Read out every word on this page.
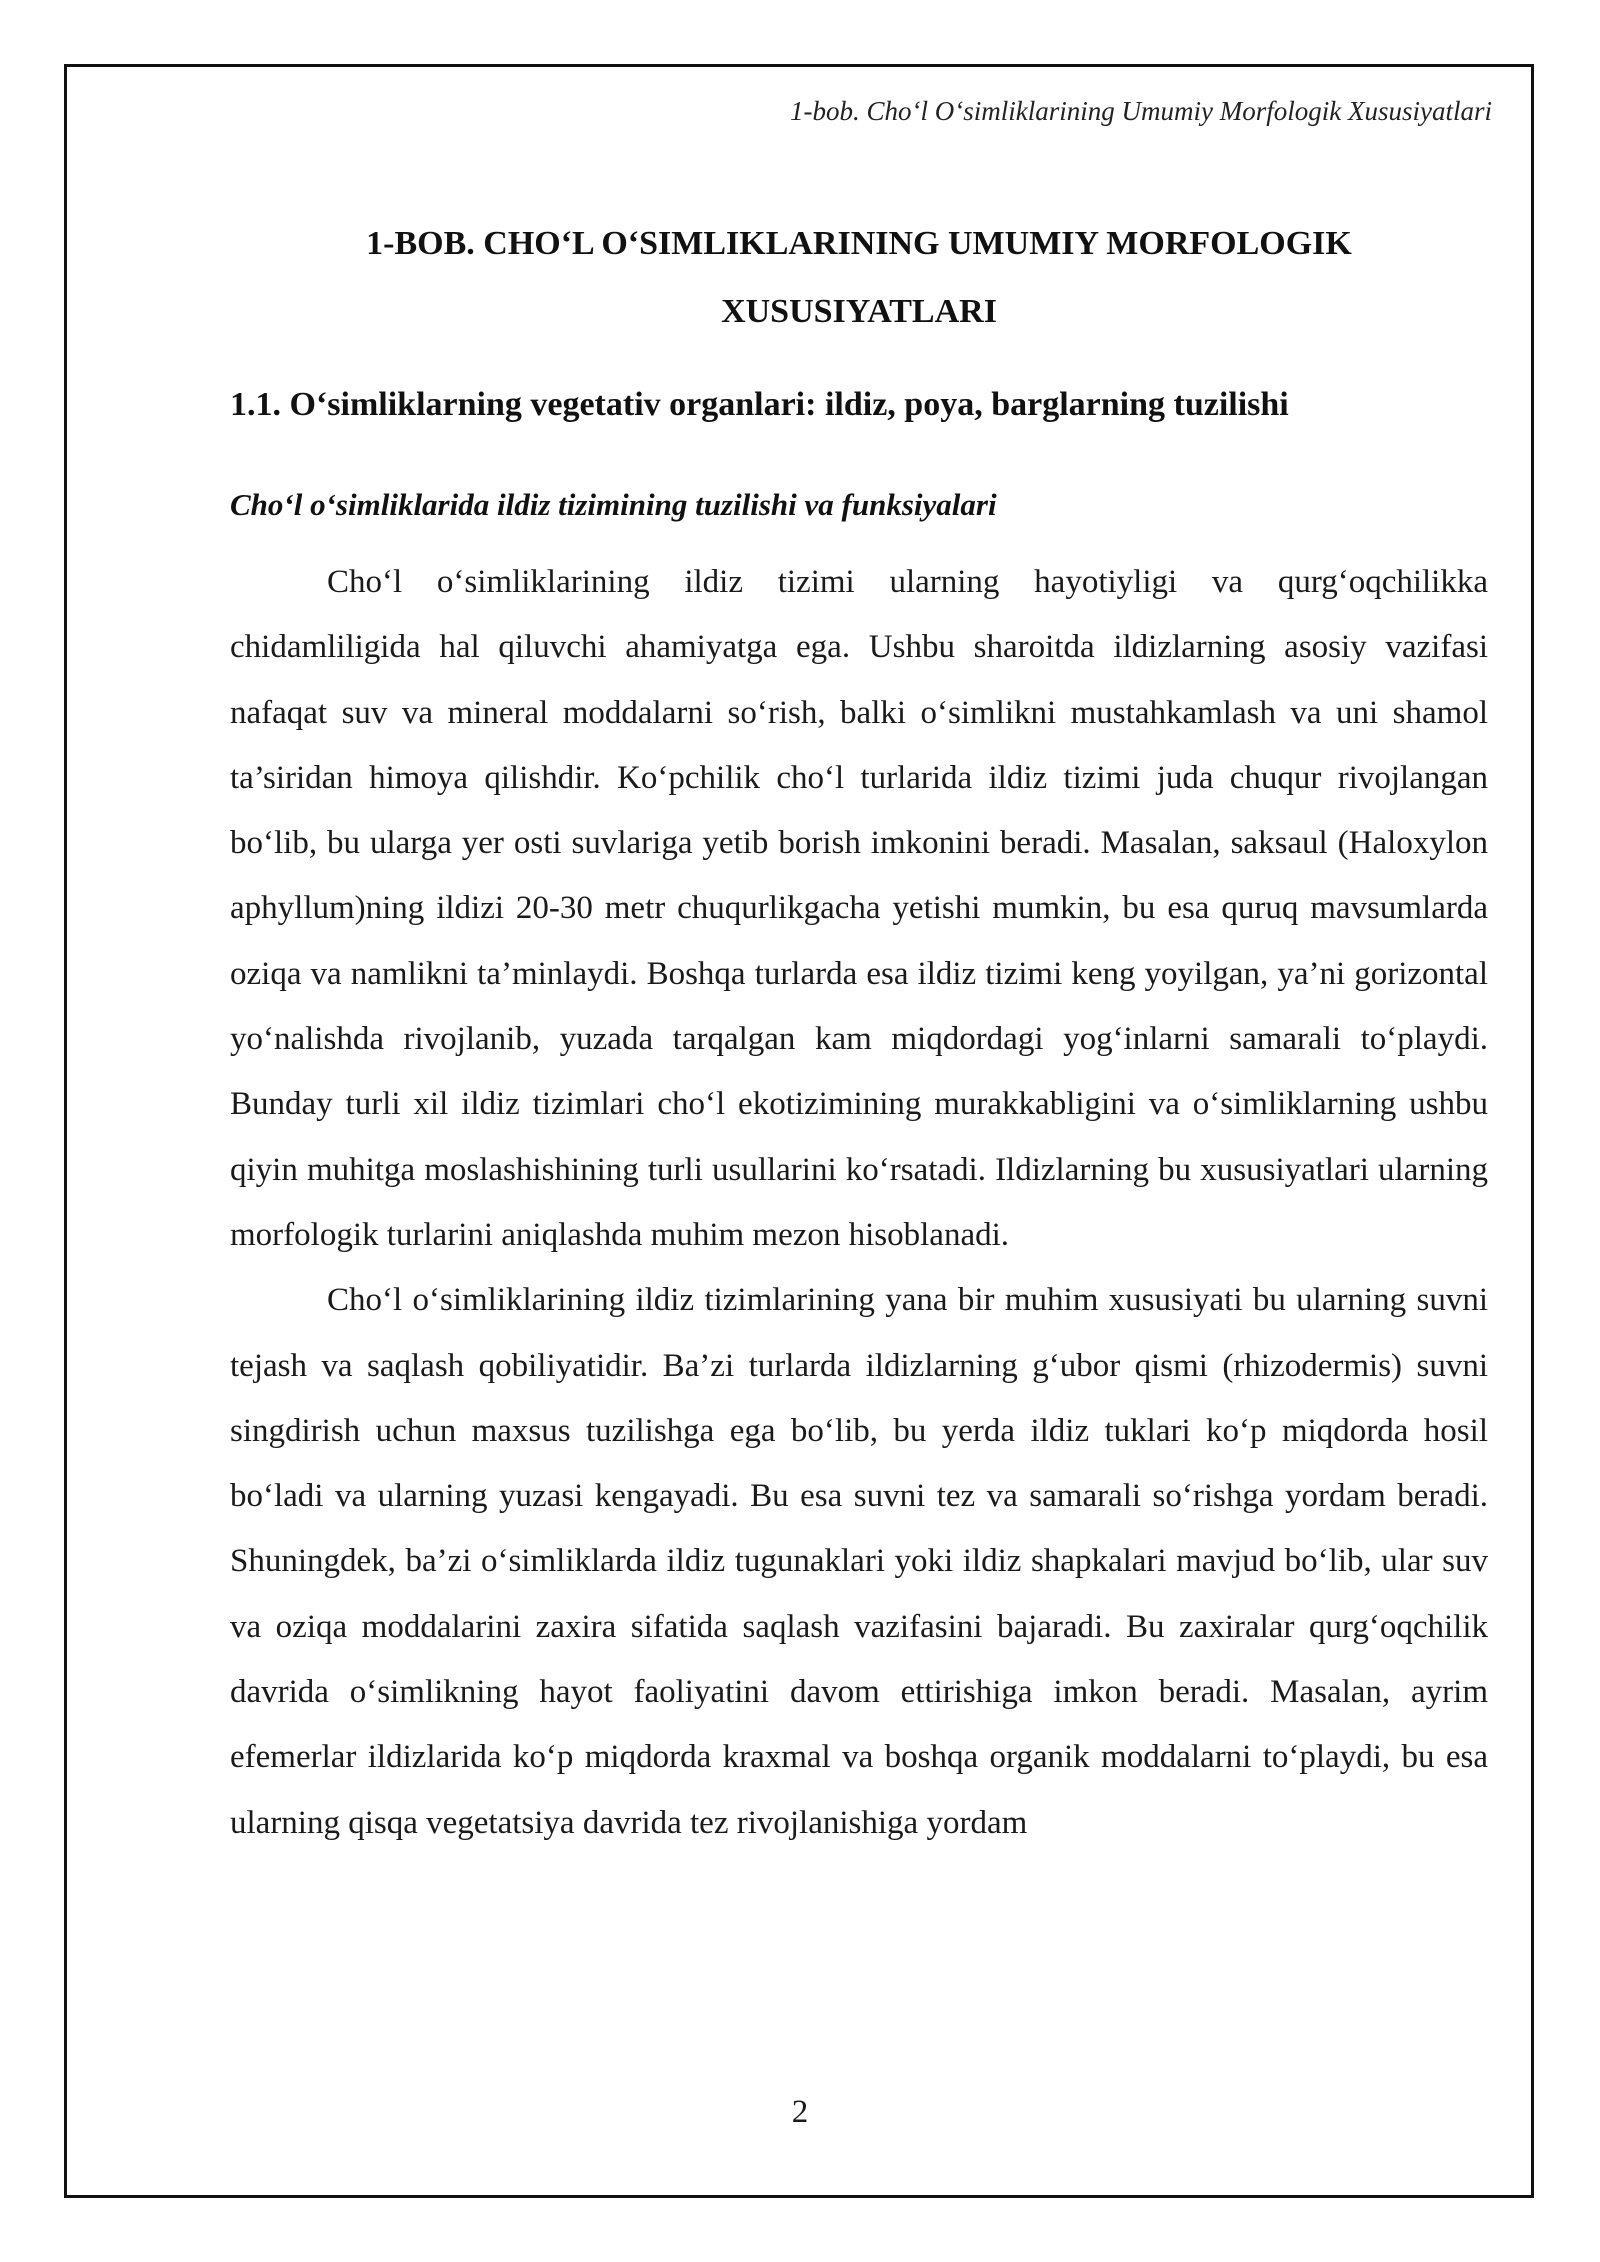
1-bob. Cho‘l O‘simliklarining Umumiy Morfologik Xususiyatlari
1-BOB. CHO‘L O‘SIMLIKLARINING UMUMIY MORFOLOGIK
XUSUSIYATLARI
1.1. O‘simliklarning vegetativ organlari: ildiz, poya, barglarning tuzilishi
Cho‘l o‘simliklarida ildiz tizimining tuzilishi va funksiyalari

Cho‘l o‘simliklarining ildiz tizimi ularning hayotiyligi va qurg‘oqchilikka chidamliligida hal qiluvchi ahamiyatga ega. Ushbu sharoitda ildizlarning asosiy vazifasi nafaqat suv va mineral moddalarni so‘rish, balki o‘simlikni mustahkamlash va uni shamol ta’siridan himoya qilishdir. Ko‘pchilik cho‘l turlarida ildiz tizimi juda chuqur rivojlangan bo‘lib, bu ularga yer osti suvlariga yetib borish imkonini beradi. Masalan, saksaul (Haloxylon aphyllum)ning ildizi 20-30 metr chuqurlikgacha yetishi mumkin, bu esa quruq mavsumlarda oziqa va namlikni ta’minlaydi. Boshqa turlarda esa ildiz tizimi keng yoyilgan, ya’ni gorizontal yo‘nalishda rivojlanib, yuzada tarqalgan kam miqdordagi yog‘inlarni samarali to‘playdi. Bunday turli xil ildiz tizimlari cho‘l ekotizimining murakkabligini va o‘simliklarning ushbu qiyin muhitga moslashishining turli usullarini ko‘rsatadi. Ildizlarning bu xususiyatlari ularning morfologik turlarini aniqlashda muhim mezon hisoblanadi.

Cho‘l o‘simliklarining ildiz tizimlarining yana bir muhim xususiyati bu ularning suvni tejash va saqlash qobiliyatidir. Ba’zi turlarda ildizlarning g‘ubor qismi (rhizodermis) suvni singdirish uchun maxsus tuzilishga ega bo‘lib, bu yerda ildiz tuklari ko‘p miqdorda hosil bo‘ladi va ularning yuzasi kengayadi. Bu esa suvni tez va samarali so‘rishga yordam beradi. Shuningdek, ba’zi o‘simliklarda ildiz tugunaklari yoki ildiz shapkalari mavjud bo‘lib, ular suv va oziqa moddalarini zaxira sifatida saqlash vazifasini bajaradi. Bu zaxiralar qurg‘oqchilik davrida o‘simlikning hayot faoliyatini davom ettirishiga imkon beradi. Masalan, ayrim efemerlar ildizlarida ko‘p miqdorda kraxmal va boshqa organik moddalarni to‘playdi, bu esa ularning qisqa vegetatsiya davrida tez rivojlanishiga yordam

2
